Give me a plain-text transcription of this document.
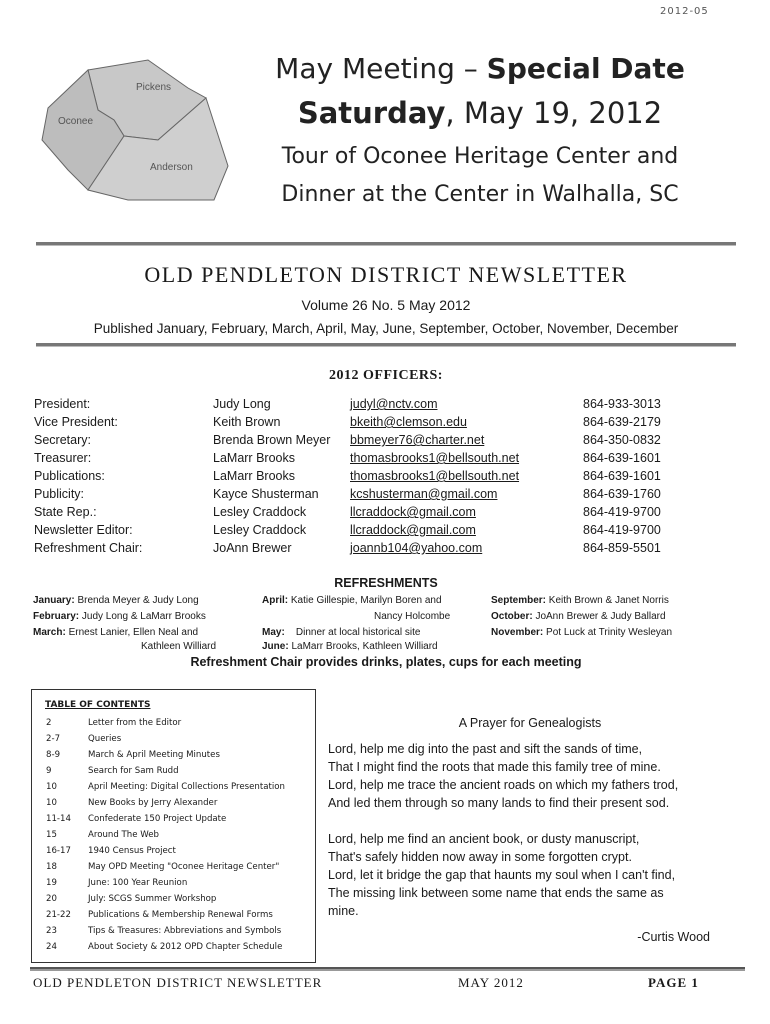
2012-05
Pickens
Oconee
Anderson
May Meeting – Special Date
Saturday, May 19, 2012
Tour of Oconee Heritage Center and
Dinner at the Center in Walhalla, SC
OLD PENDLETON DISTRICT NEWSLETTER
Volume 26 No. 5 May 2012
Published January, February, March, April, May, June, September, October, November, December
2012 OFFICERS:
President:	Judy Long	judyl@nctv.com	864-933-3013
Vice President:	Keith Brown	bkeith@clemson.edu	864-639-2179
Secretary:	Brenda Brown Meyer bbmeyer76@charter.net	864-350-0832
Treasurer:	LaMarr Brooks	thomasbrooks1@bellsouth.net	864-639-1601
Publications:	LaMarr Brooks	thomasbrooks1@bellsouth.net	864-639-1601
Publicity:	Kayce Shusterman	kcshusterman@gmail.com	864-639-1760
State Rep.:	Lesley Craddock	llcraddock@gmail.com	864-419-9700
Newsletter Editor:	Lesley Craddock	llcraddock@gmail.com	864-419-9700
Refreshment Chair:	JoAnn Brewer	joannb104@yahoo.com	864-859-5501
REFRESHMENTS
January: Brenda Meyer & Judy Long
February: Judy Long & LaMarr Brooks
March: Ernest Lanier, Ellen Neal and
Kathleen Williard
April: Katie Gillespie, Marilyn Boren and
Nancy Holcombe
May: Dinner at local historical site
June: LaMarr Brooks, Kathleen Williard
September: Keith Brown & Janet Norris
October: JoAnn Brewer & Judy Ballard
November: Pot Luck at Trinity Wesleyan
Refreshment Chair provides drinks, plates, cups for each meeting
TABLE OF CONTENTS
2	Letter from the Editor
2-7	Queries
8-9	March & April Meeting Minutes
9	Search for Sam Rudd
10	April Meeting: Digital Collections Presentation
10	New Books by Jerry Alexander
11-14 Confederate 150 Project Update
15	Around The Web
16-17 1940 Census Project
18	May OPD Meeting "Oconee Heritage Center"
19	June: 100 Year Reunion
20	July: SCGS Summer Workshop
21-22 Publications & Membership Renewal Forms
23	Tips & Treasures: Abbreviations and Symbols
24	About Society & 2012 OPD Chapter Schedule
A Prayer for Genealogists
Lord, help me dig into the past and sift the sands of time,
That I might find the roots that made this family tree of mine.
Lord, help me trace the ancient roads on which my fathers trod,
And led them through so many lands to find their present sod.
Lord, help me find an ancient book, or dusty manuscript,
That's safely hidden now away in some forgotten crypt.
Lord, let it bridge the gap that haunts my soul when I can't find,
The missing link between some name that ends the same as
mine.
-Curtis Wood
OLD PENDLETON DISTRICT NEWSLETTER	MAY 2012	PAGE 1
